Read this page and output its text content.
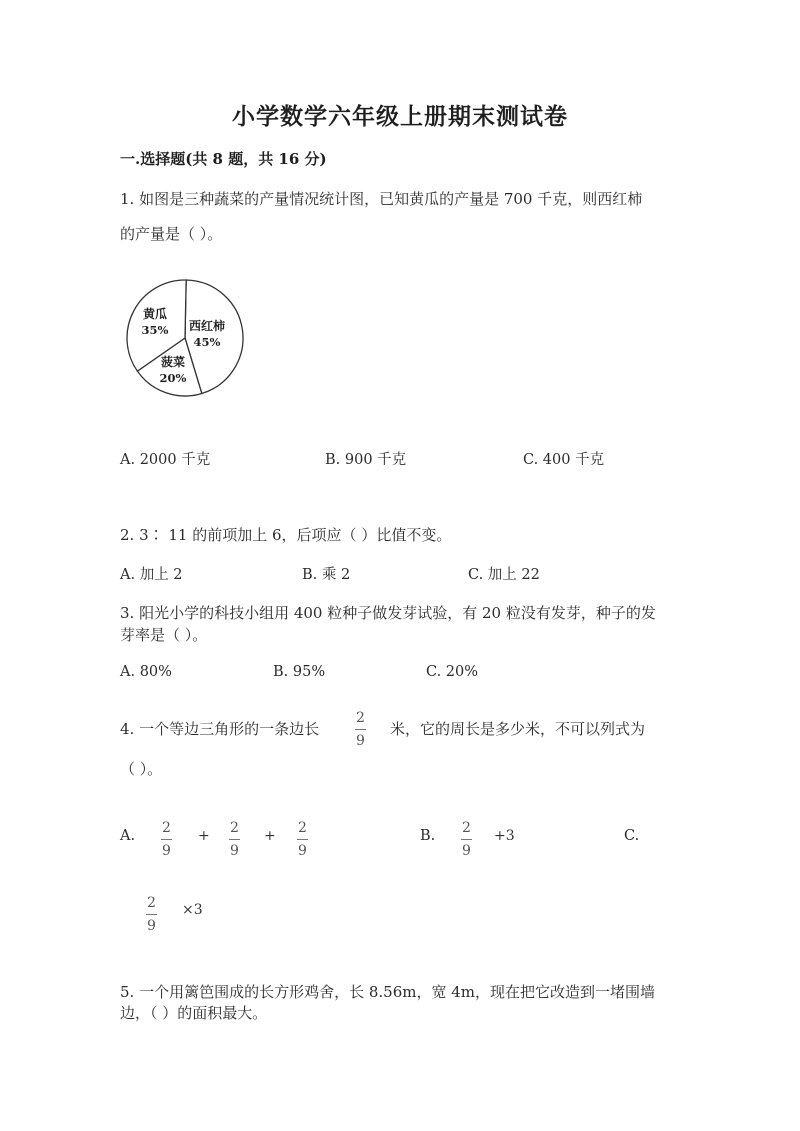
小学数学六年级上册期末测试卷
一.选择题(共 8 题，共 16 分)
1. 如图是三种蔬菜的产量情况统计图，已知黄瓜的产量是 700 千克，则西红柿
的产量是（ ）。
西红柿
45%
菠菜
20%
黄瓜
35%
A. 2000 千克	B. 900 千克	C. 400 千克
2. 3∶ 11 的前项加上 6，后项应（ ）比值不变。
A. 加上 2	B. 乘 2	C. 加上 22
3. 阳光小学的科技小组用 400 粒种子做发芽试验，有 20 粒没有发芽，种子的发
芽率是（ ）。
A. 80%	B. 95%	C. 20%
4. 一个等边三角形的一条边长
2
9
米，它的周长是多少米，不可以列式为
（ ）。
A. 2
9
+ 2
9
+ 2
9
B. 2
9
+3	C.
2
9
×3
5. 一个用篱笆围成的长方形鸡舍，长 8.56m，宽 4m，现在把它改造到一堵围墙
边，（ ）的面积最大。
